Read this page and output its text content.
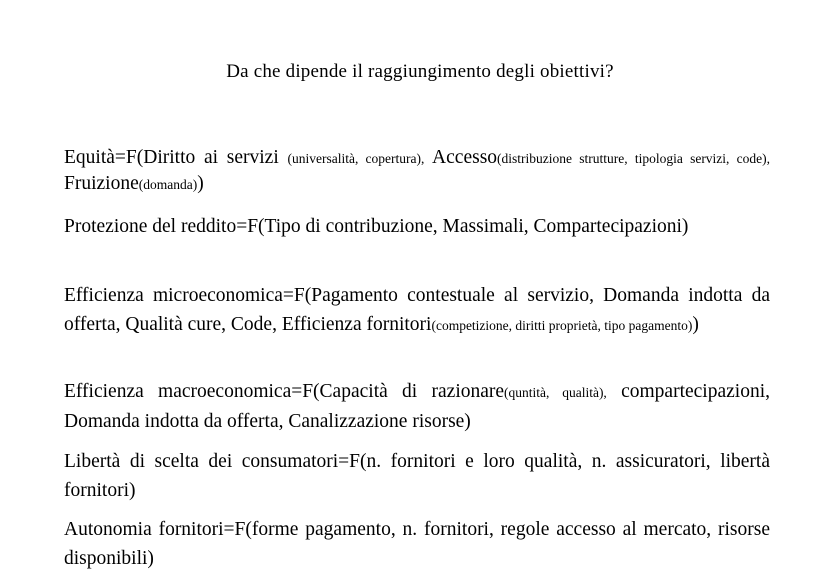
Da che dipende il raggiungimento degli obiettivi?
Equità=F(Diritto ai servizi (universalità, copertura), Accesso(distribuzione strutture, tipologia servizi, code), Fruizione(domanda))
Protezione del reddito=F(Tipo di contribuzione, Massimali, Compartecipazioni)
Efficienza microeconomica=F(Pagamento contestuale al servizio, Domanda indotta da offerta, Qualità cure, Code, Efficienza fornitori(competizione, diritti proprietà, tipo pagamento))
Efficienza macroeconomica=F(Capacità di razionare(quntità, qualità), compartecipazioni, Domanda indotta da offerta, Canalizzazione risorse)
Libertà di scelta dei consumatori=F(n. fornitori e loro qualità, n. assicuratori, libertà fornitori)
Autonomia fornitori=F(forme pagamento, n. fornitori, regole accesso al mercato, risorse disponibili)
